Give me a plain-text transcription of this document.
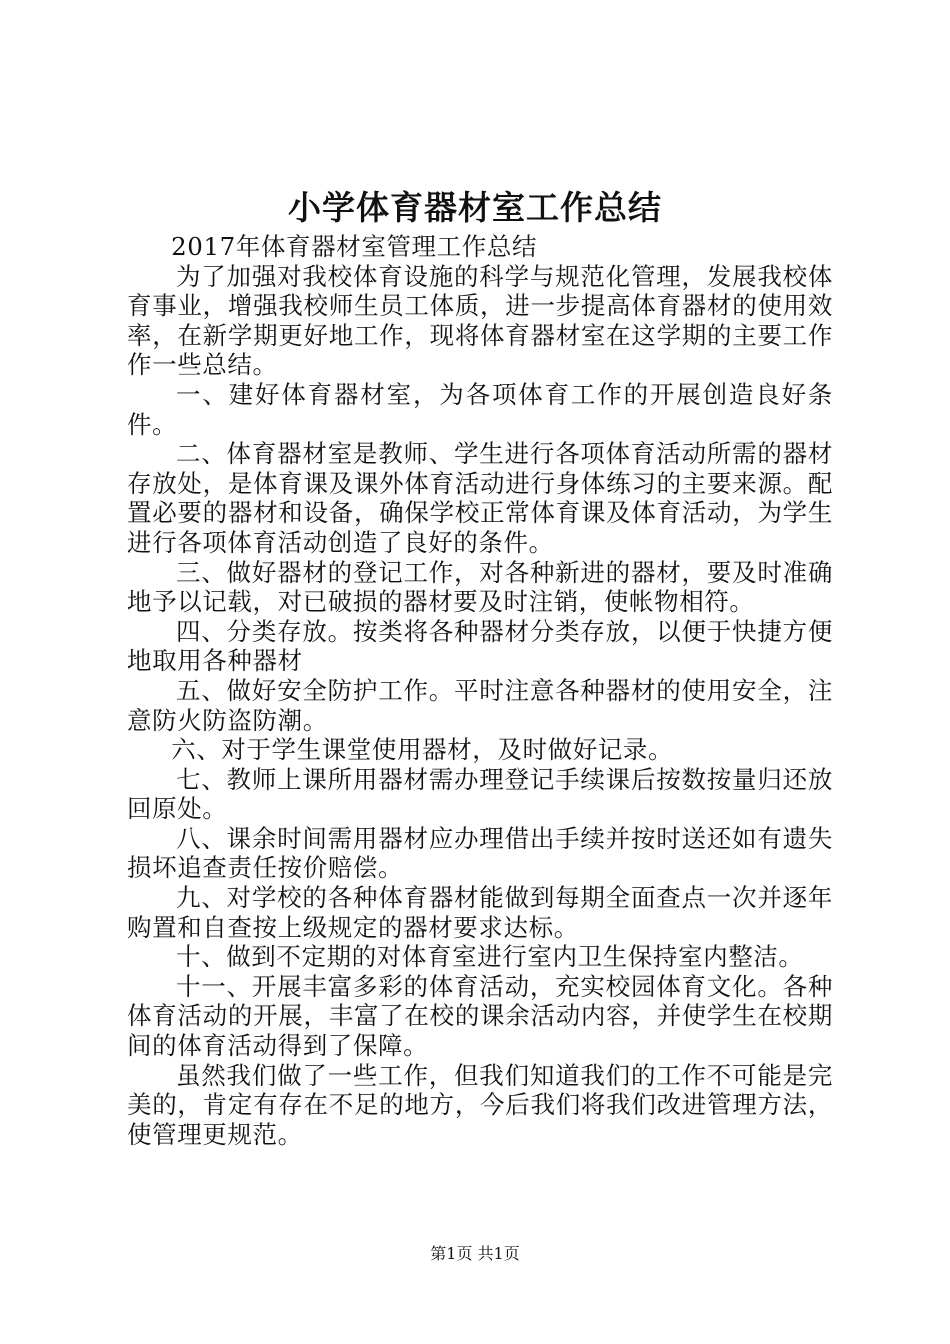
小学体育器材室工作总结

2017年体育器材室管理工作总结

为了加强对我校体育设施的科学与规范化管理，发展我校体育事业，增强我校师生员工体质，进一步提高体育器材的使用效率，在新学期更好地工作，现将体育器材室在这学期的主要工作作一些总结。

一、建好体育器材室，为各项体育工作的开展创造良好条件。

二、体育器材室是教师、学生进行各项体育活动所需的器材存放处，是体育课及课外体育活动进行身体练习的主要来源。配置必要的器材和设备，确保学校正常体育课及体育活动，为学生进行各项体育活动创造了良好的条件。

三、做好器材的登记工作，对各种新进的器材，要及时准确地予以记载，对已破损的器材要及时注销，使帐物相符。

四、分类存放。按类将各种器材分类存放，以便于快捷方便地取用各种器材

五、做好安全防护工作。平时注意各种器材的使用安全，注意防火防盗防潮。

六、对于学生课堂使用器材，及时做好记录。

七、教师上课所用器材需办理登记手续课后按数按量归还放回原处。

八、课余时间需用器材应办理借出手续并按时送还如有遗失损坏追查责任按价赔偿。

九、对学校的各种体育器材能做到每期全面查点一次并逐年购置和自查按上级规定的器材要求达标。

十、做到不定期的对体育室进行室内卫生保持室内整洁。

十一、开展丰富多彩的体育活动，充实校园体育文化。各种体育活动的开展，丰富了在校的课余活动内容，并使学生在校期间的体育活动得到了保障。

虽然我们做了一些工作，但我们知道我们的工作不可能是完美的，肯定有存在不足的地方，今后我们将我们改进管理方法，使管理更规范。

第1页 共1页
